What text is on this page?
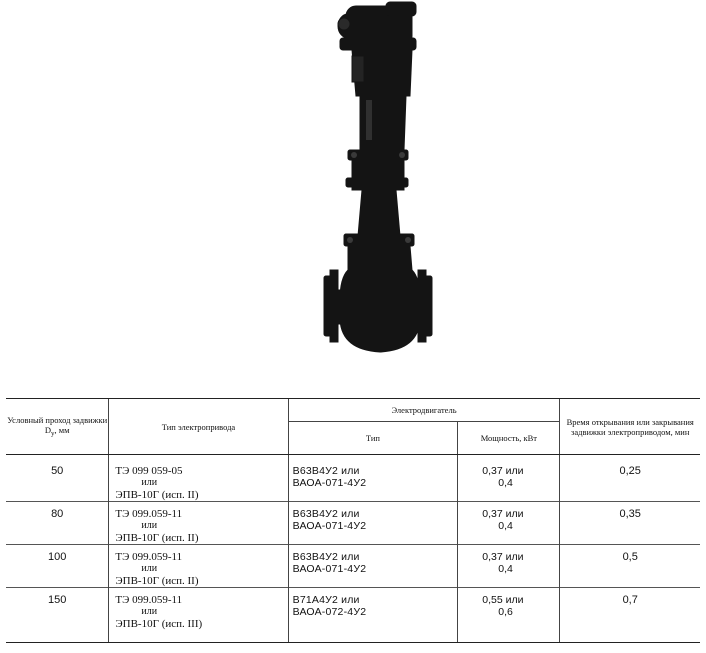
Условный проход задвижки $D_у$, мм	Тип электропривода	Электродвигатель		Время открывания или закрывания задвижки электроприводом, мин
		Тип	Мощность, кВт	

50	ТЭ 099 059-05
или
ЭПВ-10Г (исп. II)	В63В4У2 или
ВАОА-071-4У2	0,37 или
0,4	0,25

80	ТЭ 099.059-11
или
ЭПВ-10Г (исп. II)	В63В4У2 или
ВАОА-071-4У2	0,37 или
0,4	0,35

100	ТЭ 099.059-11
или
ЭПВ-10Г (исп. II)	В63В4У2 или
ВАОА-071-4У2	0,37 или
0,4	0,5

150	ТЭ 099.059-11
или
ЭПВ-10Г (исп. III)	В71А4У2 или
ВАОА-072-4У2	0,55 или
0,6	0,7
